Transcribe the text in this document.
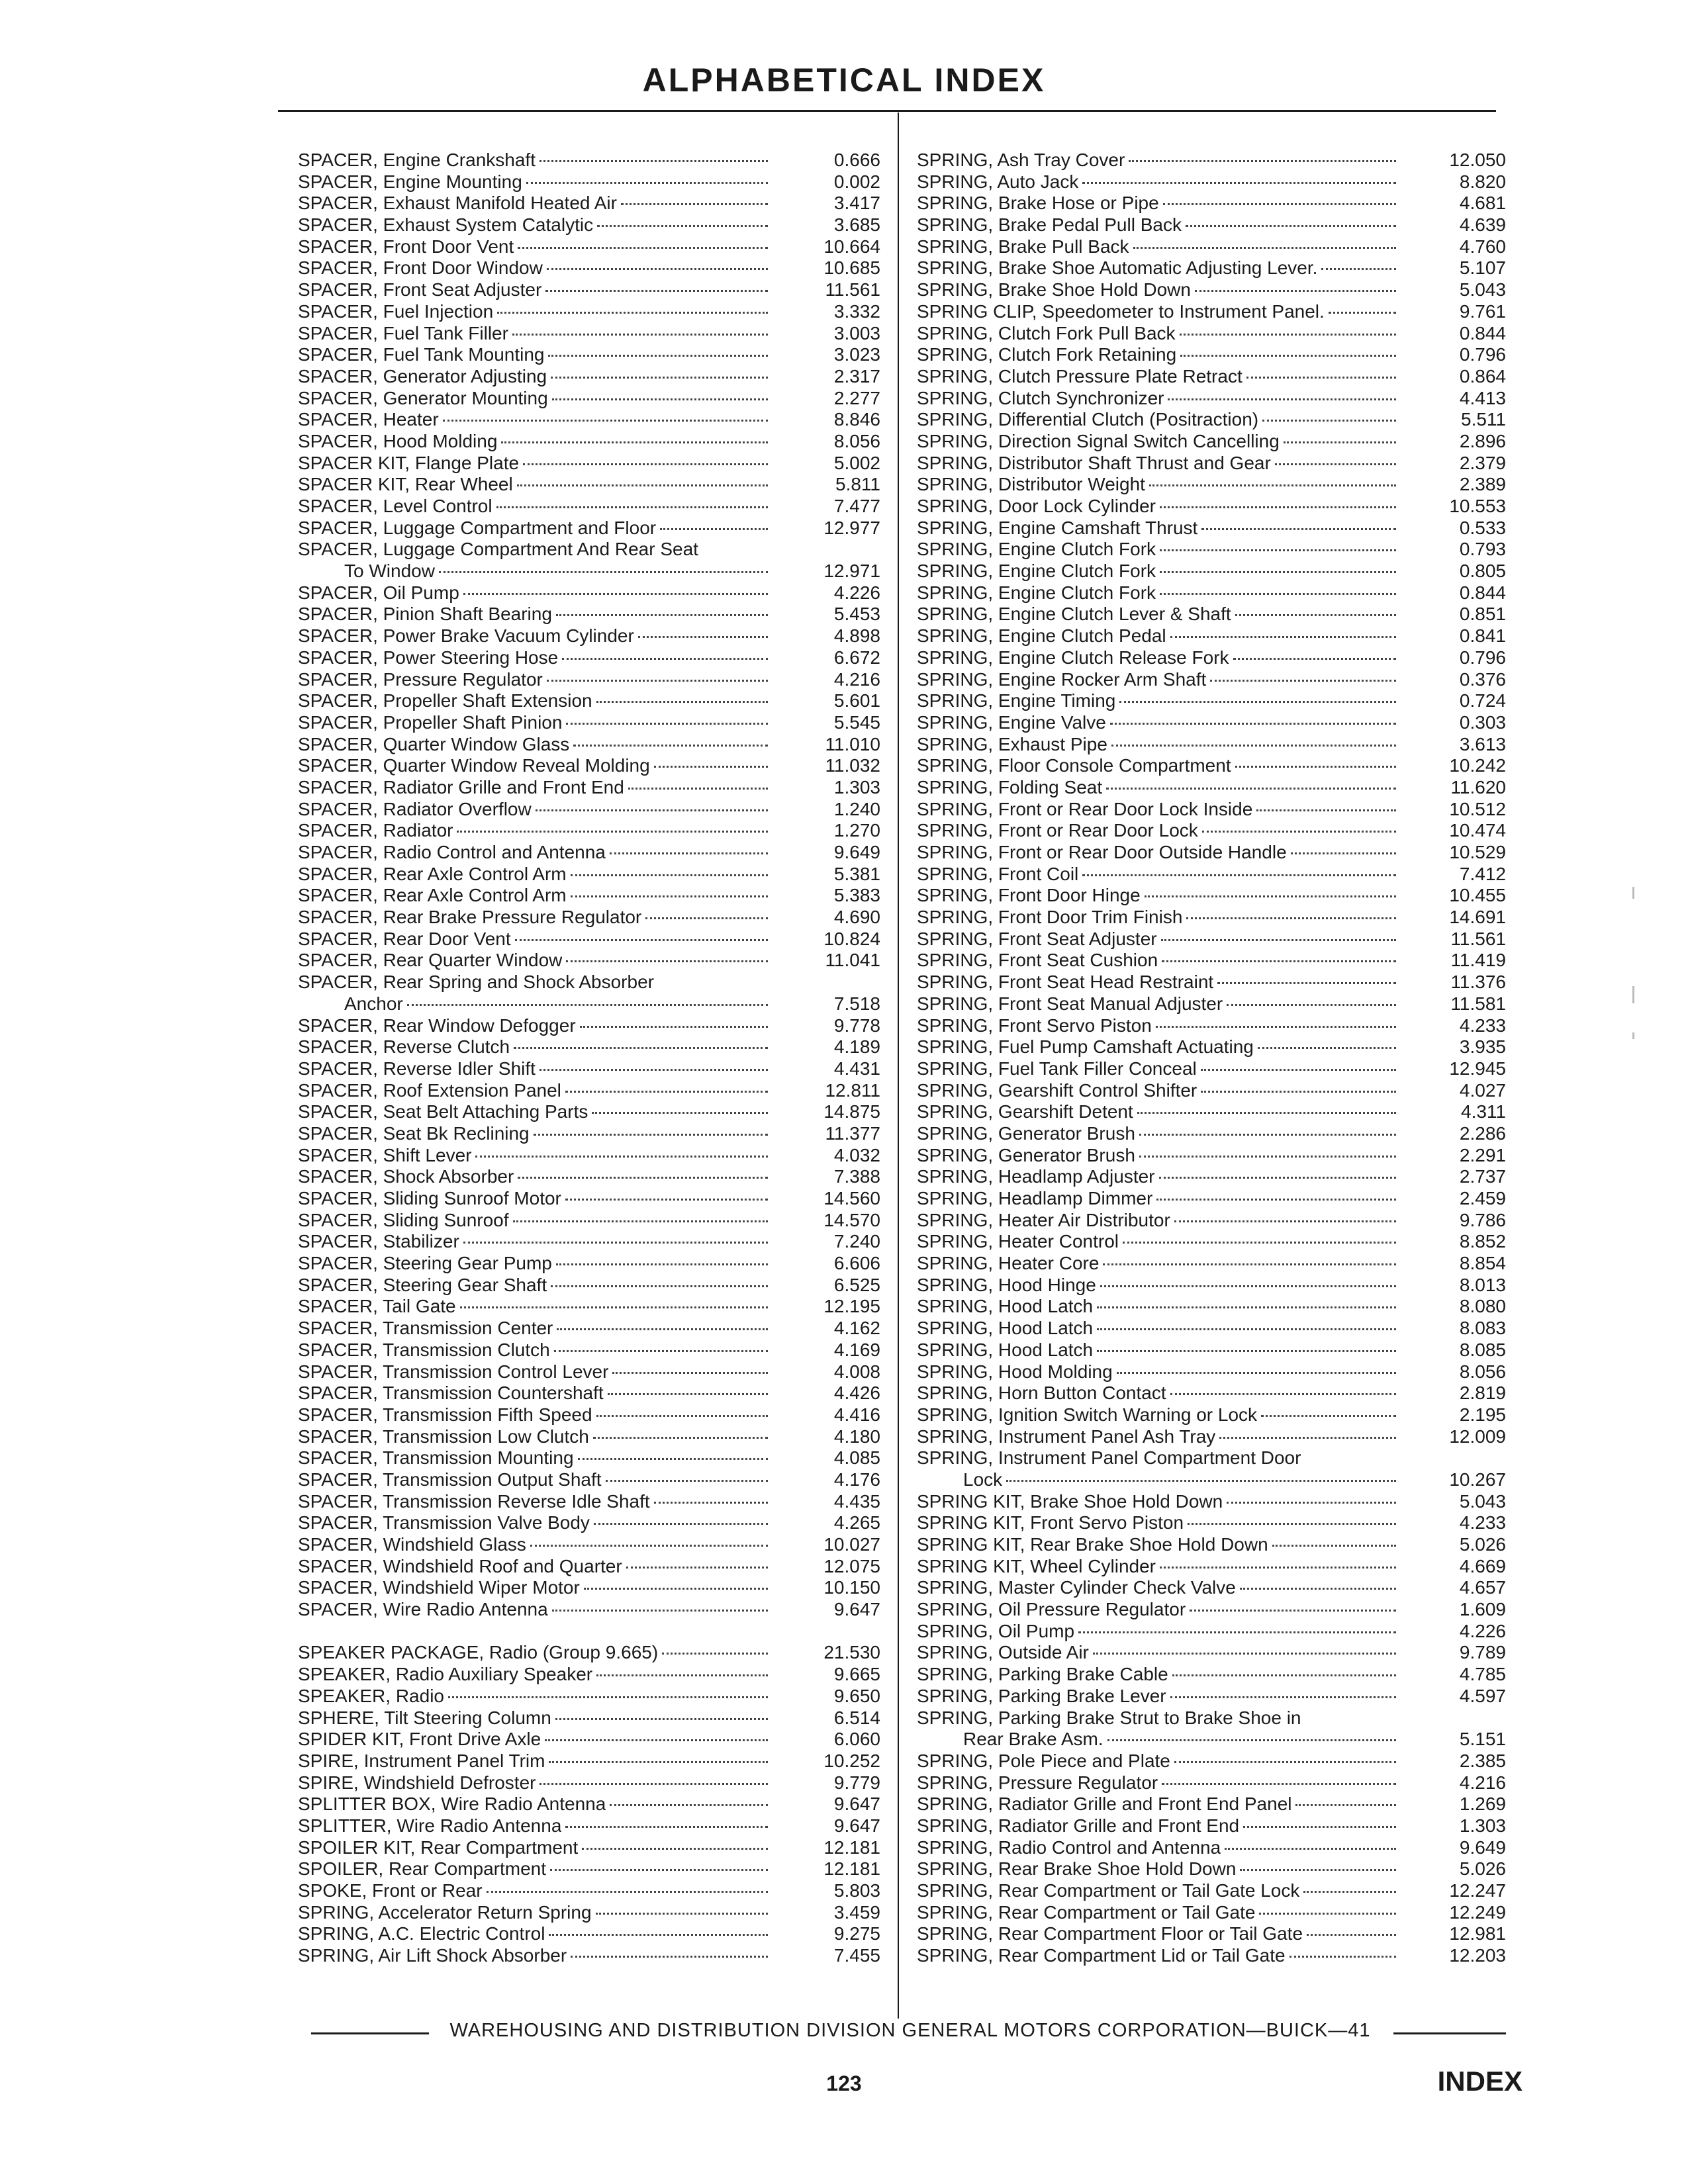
ALPHABETICAL INDEX
SPACER, Engine Crankshaft	0.666
SPACER, Engine Mounting	0.002
SPACER, Exhaust Manifold Heated Air	3.417
SPACER, Exhaust System Catalytic	3.685
SPACER, Front Door Vent	10.664
SPACER, Front Door Window	10.685
SPACER, Front Seat Adjuster	11.561
SPACER, Fuel Injection	3.332
SPACER, Fuel Tank Filler	3.003
SPACER, Fuel Tank Mounting	3.023
SPACER, Generator Adjusting	2.317
SPACER, Generator Mounting	2.277
SPACER, Heater	8.846
SPACER, Hood Molding	8.056
SPACER KIT, Flange Plate	5.002
SPACER KIT, Rear Wheel	5.811
SPACER, Level Control	7.477
SPACER, Luggage Compartment and Floor	12.977
SPACER, Luggage Compartment And Rear Seat
To Window	12.971
SPACER, Oil Pump	4.226
SPACER, Pinion Shaft Bearing	5.453
SPACER, Power Brake Vacuum Cylinder	4.898
SPACER, Power Steering Hose	6.672
SPACER, Pressure Regulator	4.216
SPACER, Propeller Shaft Extension	5.601
SPACER, Propeller Shaft Pinion	5.545
SPACER, Quarter Window Glass	11.010
SPACER, Quarter Window Reveal Molding	11.032
SPACER, Radiator Grille and Front End	1.303
SPACER, Radiator Overflow	1.240
SPACER, Radiator	1.270
SPACER, Radio Control and Antenna	9.649
SPACER, Rear Axle Control Arm	5.381
SPACER, Rear Axle Control Arm	5.383
SPACER, Rear Brake Pressure Regulator	4.690
SPACER, Rear Door Vent	10.824
SPACER, Rear Quarter Window	11.041
SPACER, Rear Spring and Shock Absorber
Anchor	7.518
SPACER, Rear Window Defogger	9.778
SPACER, Reverse Clutch	4.189
SPACER, Reverse Idler Shift	4.431
SPACER, Roof Extension Panel	12.811
SPACER, Seat Belt Attaching Parts	14.875
SPACER, Seat Bk Reclining	11.377
SPACER, Shift Lever	4.032
SPACER, Shock Absorber	7.388
SPACER, Sliding Sunroof Motor	14.560
SPACER, Sliding Sunroof	14.570
SPACER, Stabilizer	7.240
SPACER, Steering Gear Pump	6.606
SPACER, Steering Gear Shaft	6.525
SPACER, Tail Gate	12.195
SPACER, Transmission Center	4.162
SPACER, Transmission Clutch	4.169
SPACER, Transmission Control Lever	4.008
SPACER, Transmission Countershaft	4.426
SPACER, Transmission Fifth Speed	4.416
SPACER, Transmission Low Clutch	4.180
SPACER, Transmission Mounting	4.085
SPACER, Transmission Output Shaft	4.176
SPACER, Transmission Reverse Idle Shaft	4.435
SPACER, Transmission Valve Body	4.265
SPACER, Windshield Glass	10.027
SPACER, Windshield Roof and Quarter	12.075
SPACER, Windshield Wiper Motor	10.150
SPACER, Wire Radio Antenna	9.647
SPEAKER PACKAGE, Radio (Group 9.665)	21.530
SPEAKER, Radio Auxiliary Speaker	9.665
SPEAKER, Radio	9.650
SPHERE, Tilt Steering Column	6.514
SPIDER KIT, Front Drive Axle	6.060
SPIRE, Instrument Panel Trim	10.252
SPIRE, Windshield Defroster	9.779
SPLITTER BOX, Wire Radio Antenna	9.647
SPLITTER, Wire Radio Antenna	9.647
SPOILER KIT, Rear Compartment	12.181
SPOILER, Rear Compartment	12.181
SPOKE, Front or Rear	5.803
SPRING, Accelerator Return Spring	3.459
SPRING, A.C. Electric Control	9.275
SPRING, Air Lift Shock Absorber	7.455
SPRING, Ash Tray Cover	12.050
SPRING, Auto Jack	8.820
SPRING, Brake Hose or Pipe	4.681
SPRING, Brake Pedal Pull Back	4.639
SPRING, Brake Pull Back	4.760
SPRING, Brake Shoe Automatic Adjusting Lever.	5.107
SPRING, Brake Shoe Hold Down	5.043
SPRING CLIP, Speedometer to Instrument Panel.	9.761
SPRING, Clutch Fork Pull Back	0.844
SPRING, Clutch Fork Retaining	0.796
SPRING, Clutch Pressure Plate Retract	0.864
SPRING, Clutch Synchronizer	4.413
SPRING, Differential Clutch (Positraction)	5.511
SPRING, Direction Signal Switch Cancelling	2.896
SPRING, Distributor Shaft Thrust and Gear	2.379
SPRING, Distributor Weight	2.389
SPRING, Door Lock Cylinder	10.553
SPRING, Engine Camshaft Thrust	0.533
SPRING, Engine Clutch Fork	0.793
SPRING, Engine Clutch Fork	0.805
SPRING, Engine Clutch Fork	0.844
SPRING, Engine Clutch Lever & Shaft	0.851
SPRING, Engine Clutch Pedal	0.841
SPRING, Engine Clutch Release Fork	0.796
SPRING, Engine Rocker Arm Shaft	0.376
SPRING, Engine Timing	0.724
SPRING, Engine Valve	0.303
SPRING, Exhaust Pipe	3.613
SPRING, Floor Console Compartment	10.242
SPRING, Folding Seat	11.620
SPRING, Front or Rear Door Lock Inside	10.512
SPRING, Front or Rear Door Lock	10.474
SPRING, Front or Rear Door Outside Handle	10.529
SPRING, Front Coil	7.412
SPRING, Front Door Hinge	10.455
SPRING, Front Door Trim Finish	14.691
SPRING, Front Seat Adjuster	11.561
SPRING, Front Seat Cushion	11.419
SPRING, Front Seat Head Restraint	11.376
SPRING, Front Seat Manual Adjuster	11.581
SPRING, Front Servo Piston	4.233
SPRING, Fuel Pump Camshaft Actuating	3.935
SPRING, Fuel Tank Filler Conceal	12.945
SPRING, Gearshift Control Shifter	4.027
SPRING, Gearshift Detent	4.311
SPRING, Generator Brush	2.286
SPRING, Generator Brush	2.291
SPRING, Headlamp Adjuster	2.737
SPRING, Headlamp Dimmer	2.459
SPRING, Heater Air Distributor	9.786
SPRING, Heater Control	8.852
SPRING, Heater Core	8.854
SPRING, Hood Hinge	8.013
SPRING, Hood Latch	8.080
SPRING, Hood Latch	8.083
SPRING, Hood Latch	8.085
SPRING, Hood Molding	8.056
SPRING, Horn Button Contact	2.819
SPRING, Ignition Switch Warning or Lock	2.195
SPRING, Instrument Panel Ash Tray	12.009
SPRING, Instrument Panel Compartment Door
Lock	10.267
SPRING KIT, Brake Shoe Hold Down	5.043
SPRING KIT, Front Servo Piston	4.233
SPRING KIT, Rear Brake Shoe Hold Down	5.026
SPRING KIT, Wheel Cylinder	4.669
SPRING, Master Cylinder Check Valve	4.657
SPRING, Oil Pressure Regulator	1.609
SPRING, Oil Pump	4.226
SPRING, Outside Air	9.789
SPRING, Parking Brake Cable	4.785
SPRING, Parking Brake Lever	4.597
SPRING, Parking Brake Strut to Brake Shoe in
Rear Brake Asm.	5.151
SPRING, Pole Piece and Plate	2.385
SPRING, Pressure Regulator	4.216
SPRING, Radiator Grille and Front End Panel	1.269
SPRING, Radiator Grille and Front End	1.303
SPRING, Radio Control and Antenna	9.649
SPRING, Rear Brake Shoe Hold Down	5.026
SPRING, Rear Compartment or Tail Gate Lock	12.247
SPRING, Rear Compartment or Tail Gate	12.249
SPRING, Rear Compartment Floor or Tail Gate	12.981
SPRING, Rear Compartment Lid or Tail Gate	12.203
WAREHOUSING AND DISTRIBUTION DIVISION GENERAL MOTORS CORPORATION—BUICK—41
123	INDEX
